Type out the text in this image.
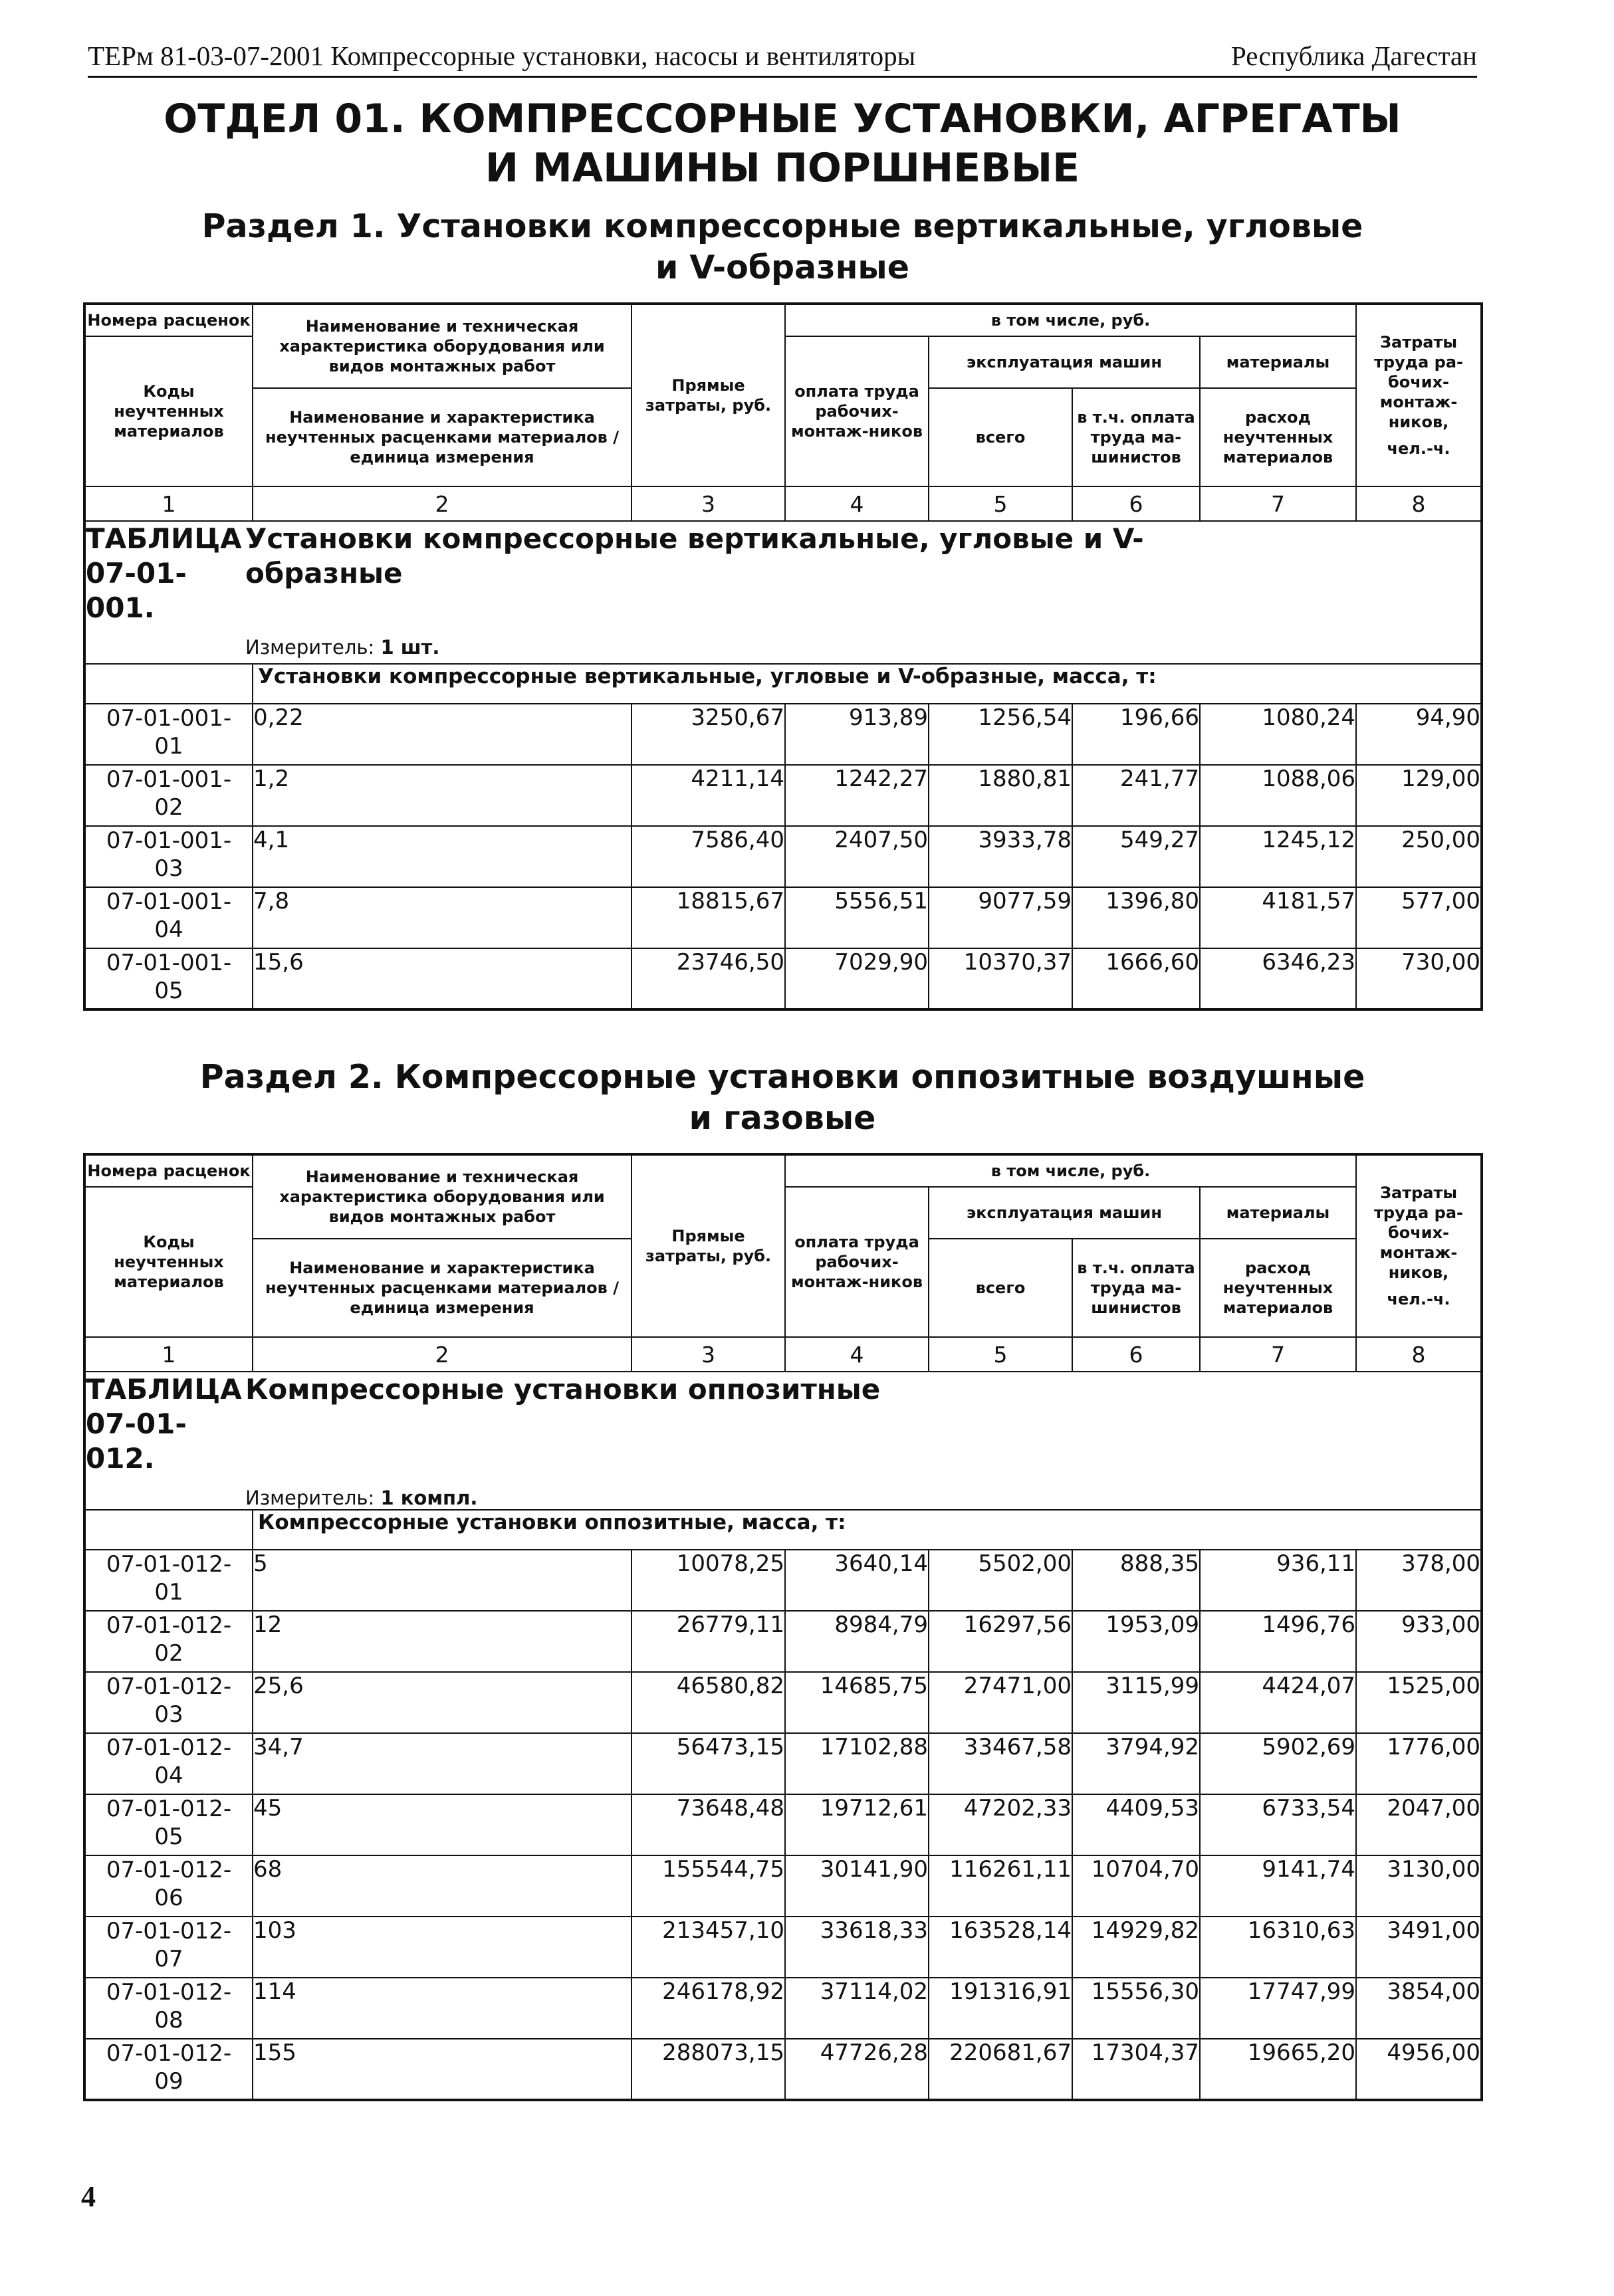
ТЕРм 81-03-07-2001 Компрессорные установки, насосы и вентиляторы	Республика Дагестан
ОТДЕЛ 01. КОМПРЕССОРНЫЕ УСТАНОВКИ, АГРЕГАТЫ
И МАШИНЫ ПОРШНЕВЫЕ
Раздел 1. Установки компрессорные вертикальные, угловые
и V-образные
Номера расценок	Наименование и техническая характеристика оборудования или видов монтажных работ	Прямые затраты, руб.	в том числе, руб.				Затраты труда ра-бочих-монтаж-ников,
чел.-ч.

Коды неучтенных материалов			оплата труда рабочих-монтаж-ников	эксплуатация машин		материалы	
	Наименование и характеристика неучтенных расценками материалов / единица измерения			всего	в т.ч. оплата труда ма-шинистов	расход неучтенных материалов	
1	2	3	4	5	6	7	8

ТАБЛИЦА 07-01-001.Установки компрессорные вертикальные, угловые и V-образные
Измеритель: 1 шт.							

	Установки компрессорные вертикальные, угловые и V-образные, масса, т:						

07-01-001-
01	0,22	3250,67	913,89	1256,54	196,66	1080,24	94,90

07-01-001-
02	1,2	4211,14	1242,27	1880,81	241,77	1088,06	129,00

07-01-001-
03	4,1	7586,40	2407,50	3933,78	549,27	1245,12	250,00

07-01-001-
04	7,8	18815,67	5556,51	9077,59	1396,80	4181,57	577,00

07-01-001-
05	15,6	23746,50	7029,90	10370,37	1666,60	6346,23	730,00
Раздел 2. Компрессорные установки оппозитные воздушные
и газовые
Номера расценок	Наименование и техническая характеристика оборудования или видов монтажных работ	Прямые затраты, руб.	в том числе, руб.				Затраты труда ра-бочих-монтаж-ников,
чел.-ч.

Коды неучтенных материалов			оплата труда рабочих-монтаж-ников	эксплуатация машин		материалы	
	Наименование и характеристика неучтенных расценками материалов / единица измерения			всего	в т.ч. оплата труда ма-шинистов	расход неучтенных материалов	
1	2	3	4	5	6	7	8

ТАБЛИЦА 07-01-012.Компрессорные установки оппозитные
Измеритель: 1 компл.							

	Компрессорные установки оппозитные, масса, т:						

07-01-012-
01	5	10078,25	3640,14	5502,00	888,35	936,11	378,00

07-01-012-
02	12	26779,11	8984,79	16297,56	1953,09	1496,76	933,00

07-01-012-
03	25,6	46580,82	14685,75	27471,00	3115,99	4424,07	1525,00

07-01-012-
04	34,7	56473,15	17102,88	33467,58	3794,92	5902,69	1776,00

07-01-012-
05	45	73648,48	19712,61	47202,33	4409,53	6733,54	2047,00

07-01-012-
06	68	155544,75	30141,90	116261,11	10704,70	9141,74	3130,00

07-01-012-
07	103	213457,10	33618,33	163528,14	14929,82	16310,63	3491,00

07-01-012-
08	114	246178,92	37114,02	191316,91	15556,30	17747,99	3854,00

07-01-012-
09	155	288073,15	47726,28	220681,67	17304,37	19665,20	4956,00
4
